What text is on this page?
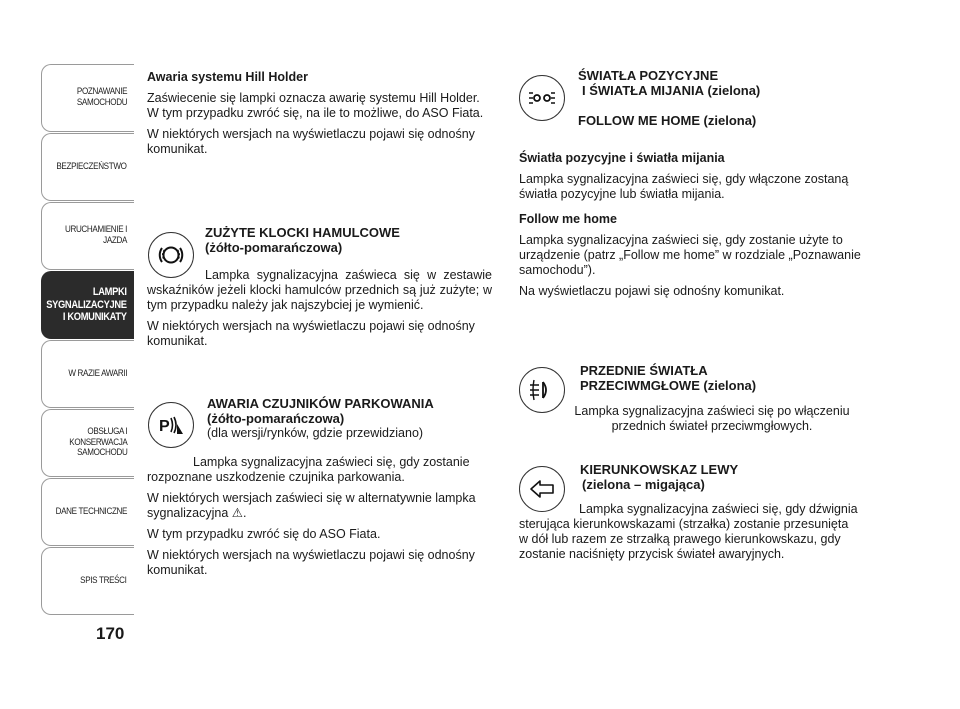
POZNAWANIE
SAMOCHODU
BEZPIECZEŃSTWO
URUCHAMIENIE I
JAZDA
LAMPKI
SYGNALIZACYJNE
I KOMUNIKATY
W RAZIE AWARII
OBSŁUGA I
KONSERWACJA
SAMOCHODU
DANE TECHNICZNE
SPIS TREŚCI
170

Awaria systemu Hill Holder

Zaświecenie się lampki oznacza awarię systemu Hill Holder. W tym przypadku zwróć się, na ile to możliwe, do ASO Fiata.

W niektórych wersjach na wyświetlaczu pojawi się odnośny komunikat.

ZUŻYTE KLOCKI HAMULCOWE
(żółto-pomarańczowa)

Lampka sygnalizacyjna zaświeca się w zestawie wskaźników jeżeli klocki hamulców przednich są już zużyte; w tym przypadku należy jak najszybciej je wymienić.

W niektórych wersjach na wyświetlaczu pojawi się odnośny komunikat.

P
AWARIA CZUJNIKÓW PARKOWANIA
(żółto-pomarańczowa)
(dla wersji/rynków, gdzie przewidziano)

Lampka sygnalizacyjna zaświeci się, gdy zostanie rozpoznane uszkodzenie czujnika parkowania.

W niektórych wersjach zaświeci się w alternatywnie lampka sygnalizacyjna ⚠.

W tym przypadku zwróć się do ASO Fiata.

W niektórych wersjach na wyświetlaczu pojawi się odnośny komunikat.

ŚWIATŁA POZYCYJNE
I ŚWIATŁA MIJANIA (zielona)
FOLLOW ME HOME (zielona)

Światła pozycyjne i światła mijania

Lampka sygnalizacyjna zaświeci się, gdy włączone zostaną światła pozycyjne lub światła mijania.

Follow me home

Lampka sygnalizacyjna zaświeci się, gdy zostanie użyte to urządzenie (patrz „Follow me home” w rozdziale „Poznawanie samochodu”).

Na wyświetlaczu pojawi się odnośny komunikat.

PRZEDNIE ŚWIATŁA
PRZECIWMGŁOWE (zielona)

Lampka sygnalizacyjna zaświeci się po włączeniu przednich świateł przeciwmgłowych.

KIERUNKOWSKAZ LEWY
(zielona – migająca)

Lampka sygnalizacyjna zaświeci się, gdy dźwignia sterująca kierunkowskazami (strzałka) zostanie przesunięta w dół lub razem ze strzałką prawego kierunkowskazu, gdy zostanie naciśnięty przycisk świateł awaryjnych.
